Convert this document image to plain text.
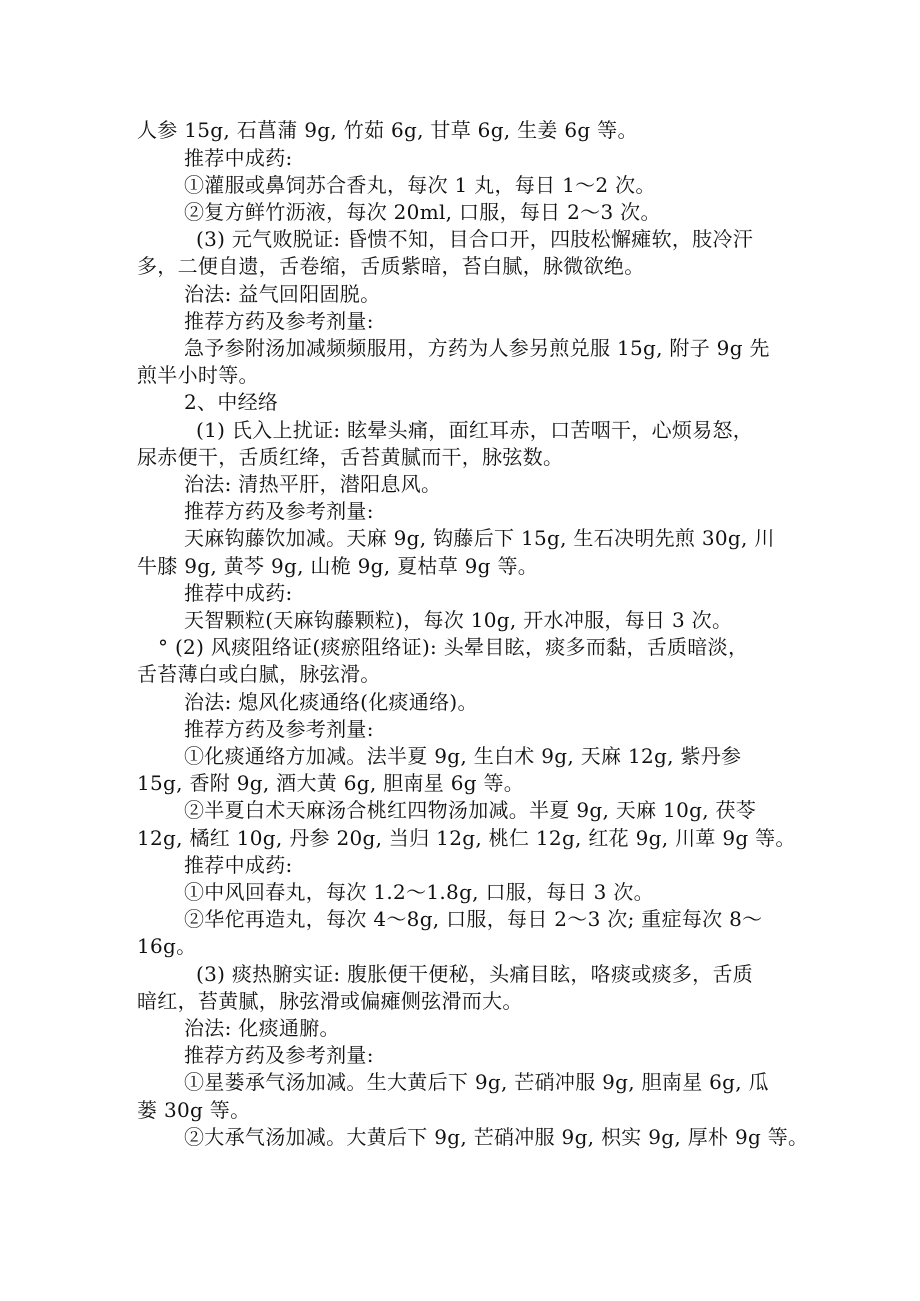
人参 15g, 石菖蒲 9g, 竹茹 6g, 甘草 6g, 生姜 6g 等。
推荐中成药:
①灌服或鼻饲苏合香丸，每次 1 丸，每日 1～2 次。
②复方鲜竹沥液，每次 20ml, 口服，每日 2～3 次。
(3) 元气败脱证: 昏愦不知，目合口开，四肢松懈瘫软，肢冷汗
多，二便自遗，舌卷缩，舌质紫暗，苔白腻，脉微欲绝。
治法: 益气回阳固脱。
推荐方药及参考剂量:
急予参附汤加减频频服用，方药为人参另煎兑服 15g, 附子 9g 先
煎半小时等。
2、中经络
(1) 氏入上扰证: 眩晕头痛，面红耳赤，口苦咽干，心烦易怒，
尿赤便干，舌质红绛，舌苔黄腻而干，脉弦数。
治法: 清热平肝，潜阳息风。
推荐方药及参考剂量:
天麻钩藤饮加减。天麻 9g, 钩藤后下 15g, 生石决明先煎 30g, 川
牛膝 9g, 黄芩 9g, 山桅 9g, 夏枯草 9g 等。
推荐中成药:
天智颗粒(天麻钩藤颗粒)，每次 10g, 开水冲服，每日 3 次。
° (2) 风痰阻络证(痰瘀阻络证): 头晕目眩，痰多而黏，舌质暗淡，
舌苔薄白或白腻，脉弦滑。
治法: 熄风化痰通络(化痰通络)。
推荐方药及参考剂量:
①化痰通络方加减。法半夏 9g, 生白术 9g, 天麻 12g, 紫丹参
15g, 香附 9g, 酒大黄 6g, 胆南星 6g 等。
②半夏白术天麻汤合桃红四物汤加减。半夏 9g, 天麻 10g, 茯苓
12g, 橘红 10g, 丹参 20g, 当归 12g, 桃仁 12g, 红花 9g, 川萆 9g 等。
推荐中成药:
①中风回春丸，每次 1.2～1.8g, 口服，每日 3 次。
②华佗再造丸，每次 4～8g, 口服，每日 2～3 次; 重症每次 8～
16g。
(3) 痰热腑实证: 腹胀便干便秘，头痛目眩，咯痰或痰多，舌质
暗红，苔黄腻，脉弦滑或偏瘫侧弦滑而大。
治法: 化痰通腑。
推荐方药及参考剂量:
①星蒌承气汤加减。生大黄后下 9g, 芒硝冲服 9g, 胆南星 6g, 瓜
蒌 30g 等。
②大承气汤加减。大黄后下 9g, 芒硝冲服 9g, 枳实 9g, 厚朴 9g 等。
